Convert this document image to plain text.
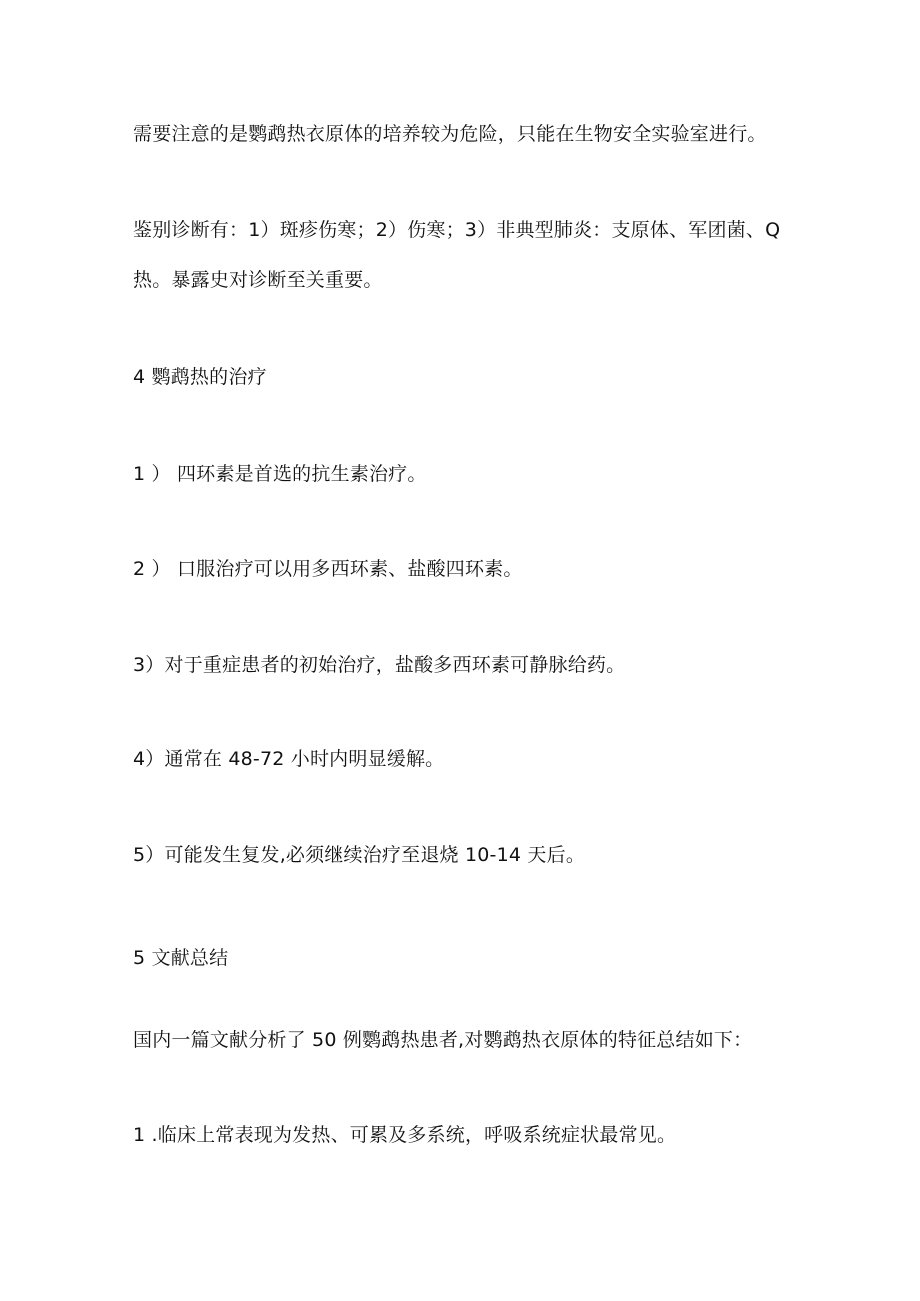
需要注意的是鹦鹉热衣原体的培养较为危险，只能在生物安全实验室进行。
鉴别诊断有：1）斑疹伤寒；2）伤寒；3）非典型肺炎：支原体、军团菌、Q
热。暴露史对诊断至关重要。
4 鹦鹉热的治疗
1 ） 四环素是首选的抗生素治疗。
2 ） 口服治疗可以用多西环素、盐酸四环素。
3）对于重症患者的初始治疗，盐酸多西环素可静脉给药。
4）通常在 48-72 小时内明显缓解。
5）可能发生复发,必须继续治疗至退烧 10-14 天后。
5 文献总结
国内一篇文献分析了 50 例鹦鹉热患者,对鹦鹉热衣原体的特征总结如下：
1 .临床上常表现为发热、可累及多系统，呼吸系统症状最常见。
